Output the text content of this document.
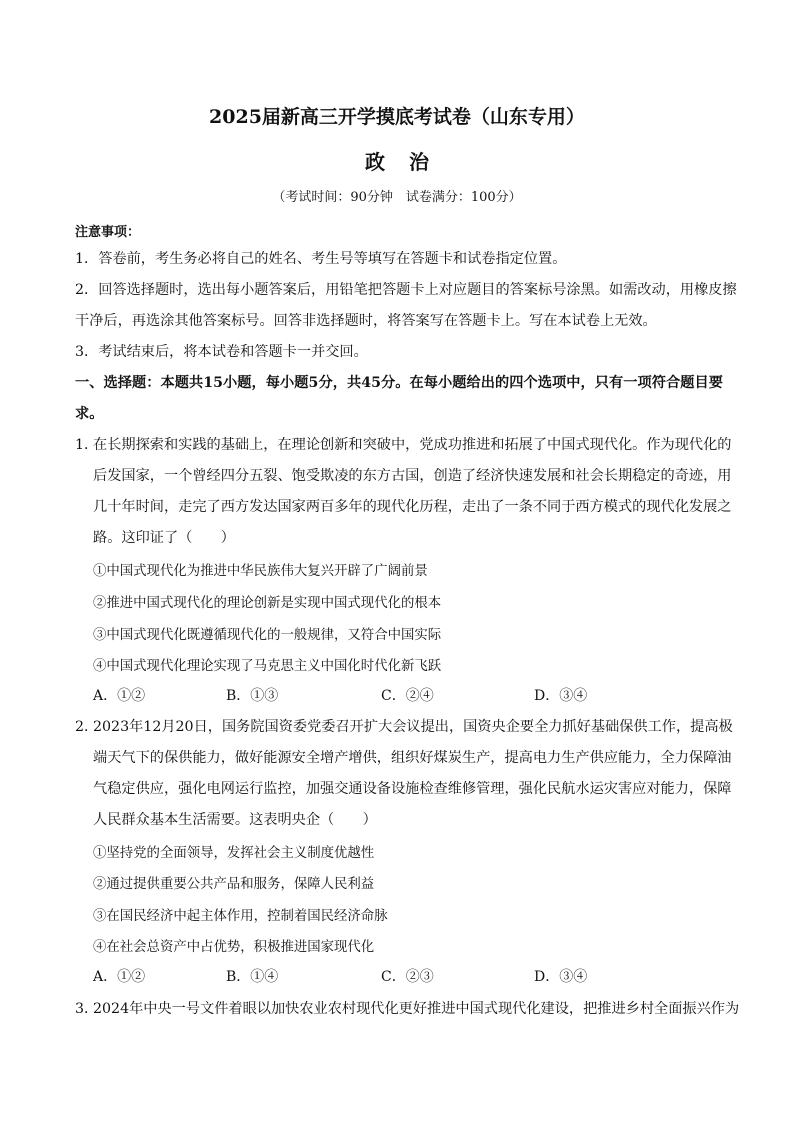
2025届新高三开学摸底考试卷（山东专用）
政治
（考试时间：90分钟　试卷满分：100分）
注意事项：
1．答卷前，考生务必将自己的姓名、考生号等填写在答题卡和试卷指定位置。
2．回答选择题时，选出每小题答案后，用铅笔把答题卡上对应题目的答案标号涂黑。如需改动，用橡皮擦
干净后，再选涂其他答案标号。回答非选择题时，将答案写在答题卡上。写在本试卷上无效。
3．考试结束后，将本试卷和答题卡一并交回。
一、选择题：本题共15小题，每小题5分，共45分。在每小题给出的四个选项中，只有一项符合题目要
求。
1．
在长期探索和实践的基础上，在理论创新和突破中，党成功推进和拓展了中国式现代化。作为现代化的
后发国家，一个曾经四分五裂、饱受欺凌的东方古国，创造了经济快速发展和社会长期稳定的奇迹，用
几十年时间，走完了西方发达国家两百多年的现代化历程，走出了一条不同于西方模式的现代化发展之
路。这印证了（　　）
①中国式现代化为推进中华民族伟大复兴开辟了广阔前景
②推进中国式现代化的理论创新是实现中国式现代化的根本
③中国式现代化既遵循现代化的一般规律，又符合中国实际
④中国式现代化理论实现了马克思主义中国化时代化新飞跃
A．①②	B．①③	C．②④	D．③④
2．
2023年12月20日，国务院国资委党委召开扩大会议提出，国资央企要全力抓好基础保供工作，提高极
端天气下的保供能力，做好能源安全增产增供，组织好煤炭生产，提高电力生产供应能力，全力保障油
气稳定供应，强化电网运行监控，加强交通设备设施检查维修管理，强化民航水运灾害应对能力，保障
人民群众基本生活需要。这表明央企（　　）
①坚持党的全面领导，发挥社会主义制度优越性
②通过提供重要公共产品和服务，保障人民利益
③在国民经济中起主体作用，控制着国民经济命脉
④在社会总资产中占优势，积极推进国家现代化
A．①②	B．①④	C．②③	D．③④
3．
2024年中央一号文件着眼以加快农业农村现代化更好推进中国式现代化建设，把推进乡村全面振兴作为
